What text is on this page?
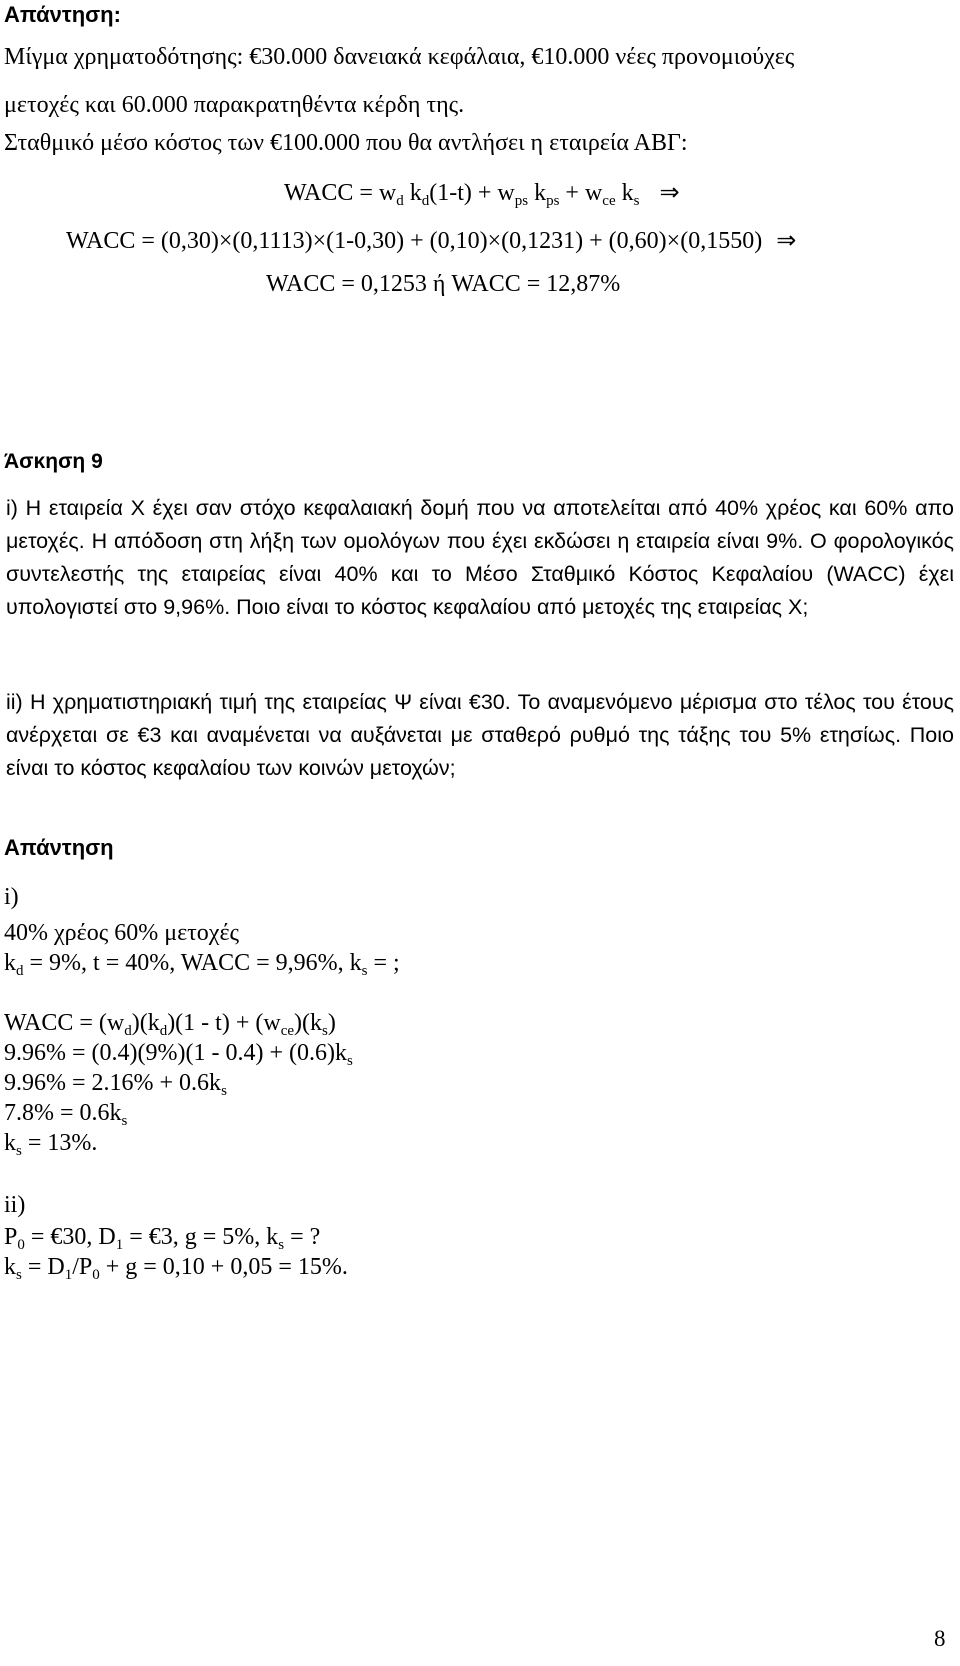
Απάντηση:
Μίγμα χρηματοδότησης: €30.000 δανειακά κεφάλαια, €10.000 νέες προνομιούχες
μετοχές και 60.000 παρακρατηθέντα κέρδη της.
Σταθμικό μέσο κόστος των €100.000 που θα αντλήσει η εταιρεία ΑΒΓ:
WACC = $w_d$ $k_d(1-t) + w_{ps}$ $k_{ps} + w_{ce}$ $k_s$ ⇒
WACC = (0,30)×(0,1113)×(1-0,30) + (0,10)×(0,1231) + (0,60)×(0,1550) ⇒
WACC = 0,1253 ή WACC = 12,87%
Άσκηση 9
i) Η εταιρεία Χ έχει σαν στόχο κεφαλαιακή δομή που να αποτελείται από 40% χρέος και 60% απο μετοχές. Η απόδοση στη λήξη των ομολόγων που έχει εκδώσει η εταιρεία είναι 9%. Ο φορολογικός συντελεστής της εταιρείας είναι 40% και το Μέσο Σταθμικό Κόστος Κεφαλαίου (WACC) έχει υπολογιστεί στο 9,96%. Ποιο είναι το κόστος κεφαλαίου από μετοχές της εταιρείας Χ;
ii) Η χρηματιστηριακή τιμή της εταιρείας Ψ είναι €30. Το αναμενόμενο μέρισμα στο τέλος του έτους ανέρχεται σε €3 και αναμένεται να αυξάνεται με σταθερό ρυθμό της τάξης του 5% ετησίως. Ποιο είναι το κόστος κεφαλαίου των κοινών μετοχών;
Απάντηση
i)
40% χρέος 60% μετοχές
$k_d = 9\%$, t = 40%, WACC = 9,96%, $k_s$ = ;
WACC = $(w_d)(k_d)(1 - t) + (w_{ce})(k_s)$
$9.96\% = (0.4)(9\%)(1 - 0.4) + (0.6)k_s$
$9.96\% = 2.16\% + 0.6k_s$
$7.8\% = 0.6k_s$
$k_s = 13\%$.
ii)
$P_0$ = €30, $D_1$ = €3, g = 5%, $k_s$ = ?
$k_s = D_1/P_0 + g = 0,10 + 0,05 = 15\%$.
8
